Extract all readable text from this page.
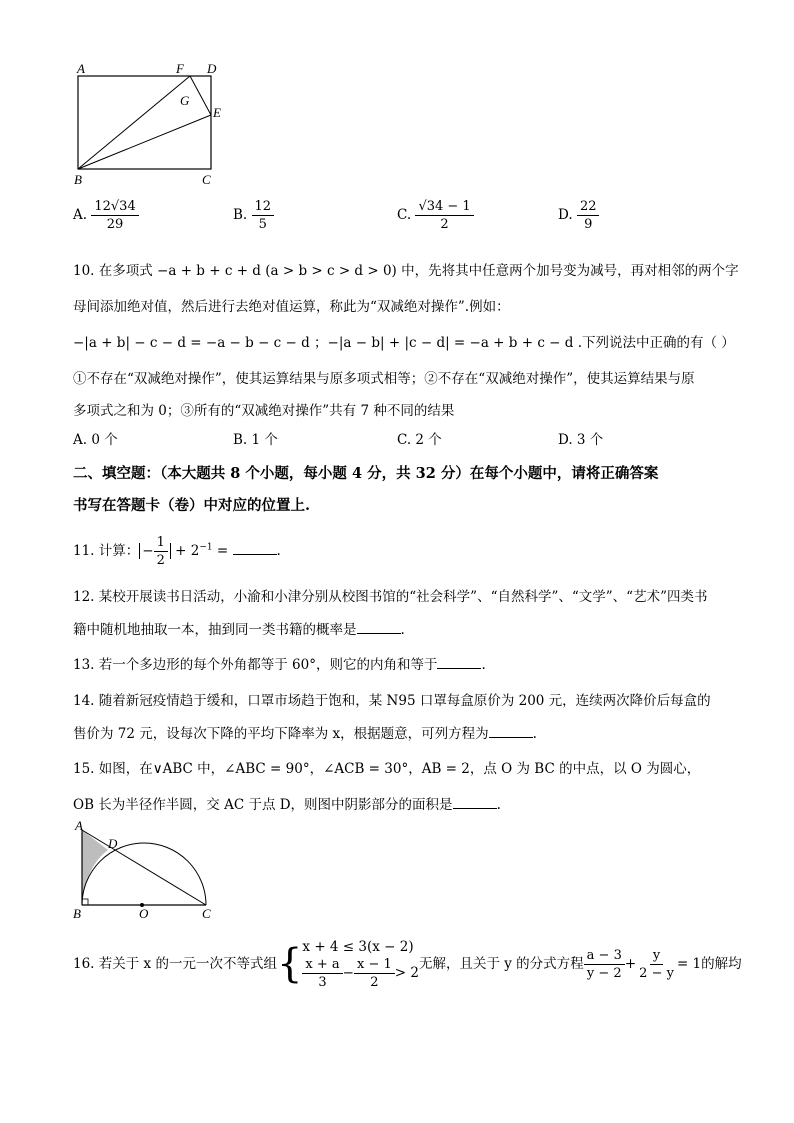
A	F D
G
E
B	C
A. $\frac{12√34}{29}$	B. $\frac{12}{5}$	C. $\frac{√34 - 1}{2}$	D. $\frac{22}{9}$
10. 在多项式 −a + b + c + d (a > b > c > d > 0) 中，先将其中任意两个加号变为减号，再对相邻的两个字
母间添加绝对值，然后进行去绝对值运算，称此为“双减绝对操作”.例如：
−|a + b| − c − d = −a − b − c − d ；−|a − b| + |c − d| = −a + b + c − d .下列说法中正确的有（ ）
①不存在“双减绝对操作”，使其运算结果与原多项式相等；②不存在“双减绝对操作”，使其运算结果与原
多项式之和为 0；③所有的“双减绝对操作”共有 7 种不同的结果
A. 0 个	B. 1 个	C. 2 个	D. 3 个
二、填空题：（本大题共 8 个小题，每小题 4 分，共 32 分）在每个小题中，请将正确答案
书写在答题卡（卷）中对应的位置上.
11. 计算： − $\frac{1}{2} + 2^{-1}$ =	.
12. 某校开展读书日活动，小渝和小津分别从校图书馆的“社会科学”、“自然科学”、“文学”、“艺术”四类书
籍中随机地抽取一本，抽到同一类书籍的概率是	.
13. 若一个多边形的每个外角都等于 60°，则它的内角和等于	.
14. 随着新冠疫情趋于缓和，口罩市场趋于饱和，某 N95 口罩每盒原价为 200 元，连续两次降价后每盒的
售价为 72 元，设每次下降的平均下降率为 x，根据题意，可列方程为	.
15. 如图，在∨ABC 中，∠ABC = 90°，∠ACB = 30°，AB = 2，点 O 为 BC 的中点，以 O 为圆心，
OB 长为半径作半圆，交 AC 于点 D，则图中阴影部分的面积是	.
A
D
B	O	C
16. 若关于 x 的一元一次不等式组 { x + 4 ≤ 3(x − 2)
$\frac{x + a}{3} - \frac{x - 1}{2} > 2$
无解，且关于 y 的分式方程 $\frac{a - 3}{y - 2} + \frac{y}{2 - y} = 1$ 的解均
